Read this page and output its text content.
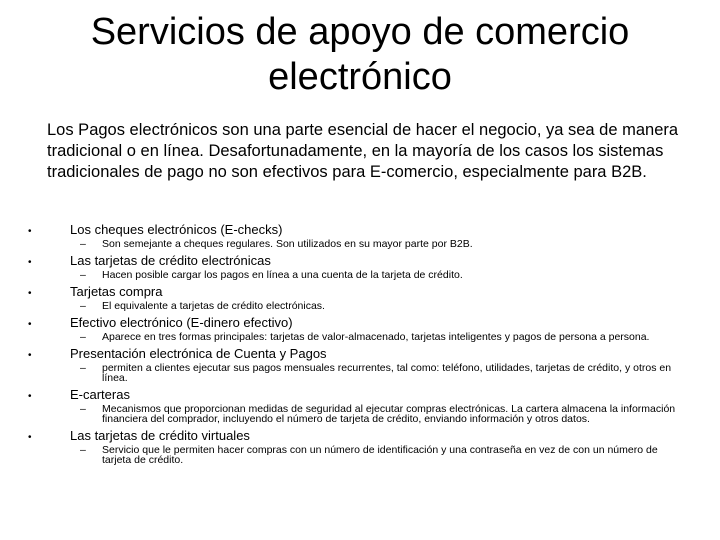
Servicios de apoyo de comercio electrónico
Los Pagos electrónicos son una parte esencial de hacer el negocio, ya sea de manera tradicional o en línea. Desafortunadamente, en la mayoría de los casos los sistemas tradicionales de pago no son efectivos para E-comercio, especialmente para B2B.
•	Los cheques electrónicos (E-checks)
– Son semejante a cheques regulares. Son utilizados en su mayor parte por B2B.
•	Las tarjetas de crédito electrónicas
– Hacen posible cargar los pagos en línea a una cuenta de la tarjeta de crédito.
•	Tarjetas compra
– El equivalente a tarjetas de crédito electrónicas.
•	Efectivo electrónico (E-dinero efectivo)
– Aparece en tres formas principales: tarjetas de valor-almacenado, tarjetas inteligentes y pagos de persona a persona.
•	Presentación electrónica de Cuenta y Pagos
– permiten a clientes ejecutar sus pagos mensuales recurrentes, tal como: teléfono, utilidades, tarjetas de crédito, y otros en línea.
•	E-carteras
– Mecanismos que proporcionan medidas de seguridad al ejecutar compras electrónicas. La cartera almacena la información financiera del comprador, incluyendo el número de tarjeta de crédito, enviando información y otros datos.
•	Las tarjetas de crédito virtuales
– Servicio que le permiten hacer compras con un número de identificación y una contraseña en vez de con un número de tarjeta de crédito.
